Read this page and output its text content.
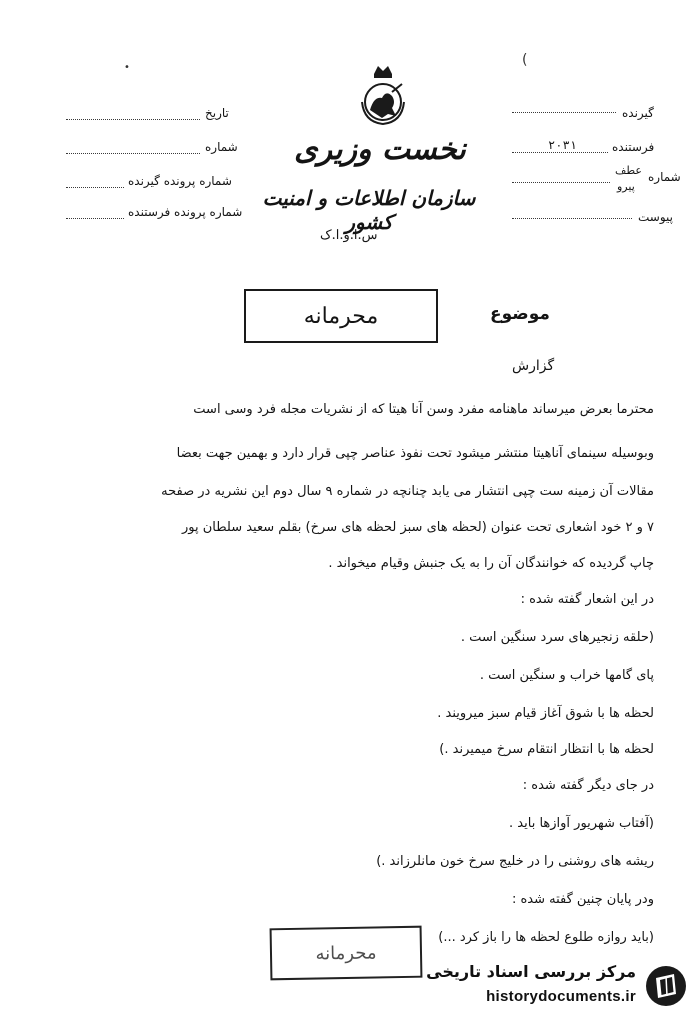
(
•
تاریخ
شماره
شماره پرونده گیرنده
شماره پرونده فرستنده
نخست وزیری
سازمان اطلاعات و امنیت کشور
س.ا.و.ا.ک
گیرنده
فرستنده
۲۰۳۱
شماره
عطف
پیرو
پیوست
موضوع
محرمانه
گزارش
محترما بعرض میرساند ماهنامه مفرد وسن آنا هیتا که از نشریات مجله فرد وسی است
وبوسیله سینمای آناهیتا منتشر میشود تحت نفوذ عناصر چپی قرار دارد و بهمین جهت بعضا
مقالات آن زمینه ست چپی انتشار می یابد چنانچه در شماره ۹ سال دوم این نشریه در صفحه
۷ و ۲ خود اشعاری تحت عنوان (لحظه های سبز لحظه های سرخ) بقلم سعید سلطان پور
چاپ گردیده که خوانندگان آن را به یک جنبش وقیام میخواند .
در این اشعار گفته شده :
(حلقه زنجیرهای سرد سنگین است .
پای گامها خراب و سنگین است .
لحظه ها با شوق آغاز قیام سبز میرویند .
لحظه ها با انتظار انتقام سرخ میمیرند .)
در جای دیگر گفته شده :
(آفتاب شهریور آوازها باید .
ریشه های روشنی را در خلیج سرخ خون مانلرزاند .)
ودر پایان چنین گفته شده :
(باید روازه طلوع لحظه ها را باز کرد ...)
محرمانه
مرکز بررسی اسناد تاریخی
historydocuments.ir
